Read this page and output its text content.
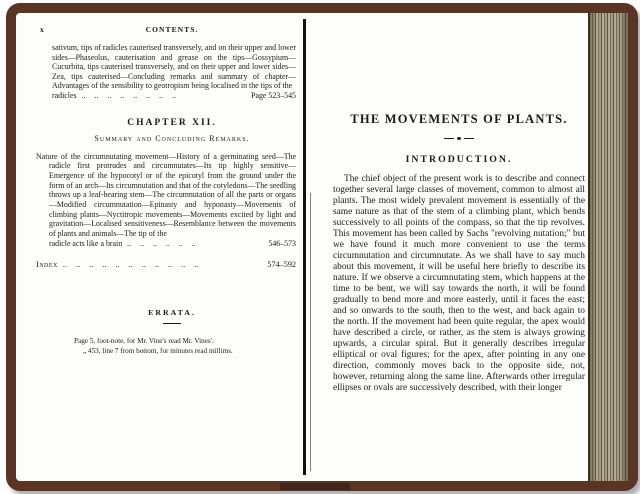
x	CONTENTS.
sativum, tips of radicles cauterised transversely, and on their upper and lower sides—Phaseolus, cauterisation and grease on the tips—Gossypium—Cucurbita, tips cauterised transversely, and on their upper and lower sides—Zea, tips cauterised—Concluding remarks and summary of chapter—Advantages of the sensibility to geotropism being localised in the tips of the
radicles .. .. .. .. .. .. .. ..	Page 523–545
CHAPTER XII.
Summary and Concluding Remarks.
Nature of the circumnutating movement—History of a germinating seed—The radicle first protrudes and circumnutates—Its tip highly sensitive—Emergence of the hypocotyl or of the epicotyl from the ground under the form of an arch—Its circumnutation and that of the cotyledons—The seedling throws up a leaf-bearing stem—The circumnutation of all the parts or organs—Modified circumnutation—Epinasty and hyponasty—Movements of climbing plants—Nyctitropic movements—Movements excited by light and gravitation—Localised sensitiveness—Resemblance between the movements of plants and animals—The tip of the
radicle acts like a brain .. .. .. .. .. ..	546–573
Index .. .. .. .. .. .. .. .. .. .. ..	574–592
ERRATA.
Page 5, foot-note, for Mr. Vine's read Mr. Vines'.
„ 453, line 7 from bottom, for minutes read millims.
THE MOVEMENTS OF PLANTS.
INTRODUCTION.
The chief object of the present work is to describe and connect together several large classes of movement, common to almost all plants. The most widely prevalent movement is essentially of the same nature as that of the stem of a climbing plant, which bends successively to all points of the compass, so that the tip revolves. This movement has been called by Sachs "revolving nutation;" but we have found it much more convenient to use the terms circumnutation and circumnutate. As we shall have to say much about this movement, it will be useful here briefly to describe its nature. If we observe a circumnutating stem, which happens at the time to be bent, we will say towards the north, it will be found gradually to bend more and more easterly, until it faces the east; and so onwards to the south, then to the west, and back again to the north. If the movement had been quite regular, the apex would have described a circle, or rather, as the stem is always growing upwards, a circular spiral. But it generally describes irregular elliptical or oval figures; for the apex, after pointing in any one direction, commonly moves back to the opposite side, not, however, returning along the same line. Afterwards other irregular ellipses or ovals are successively described, with their longer
